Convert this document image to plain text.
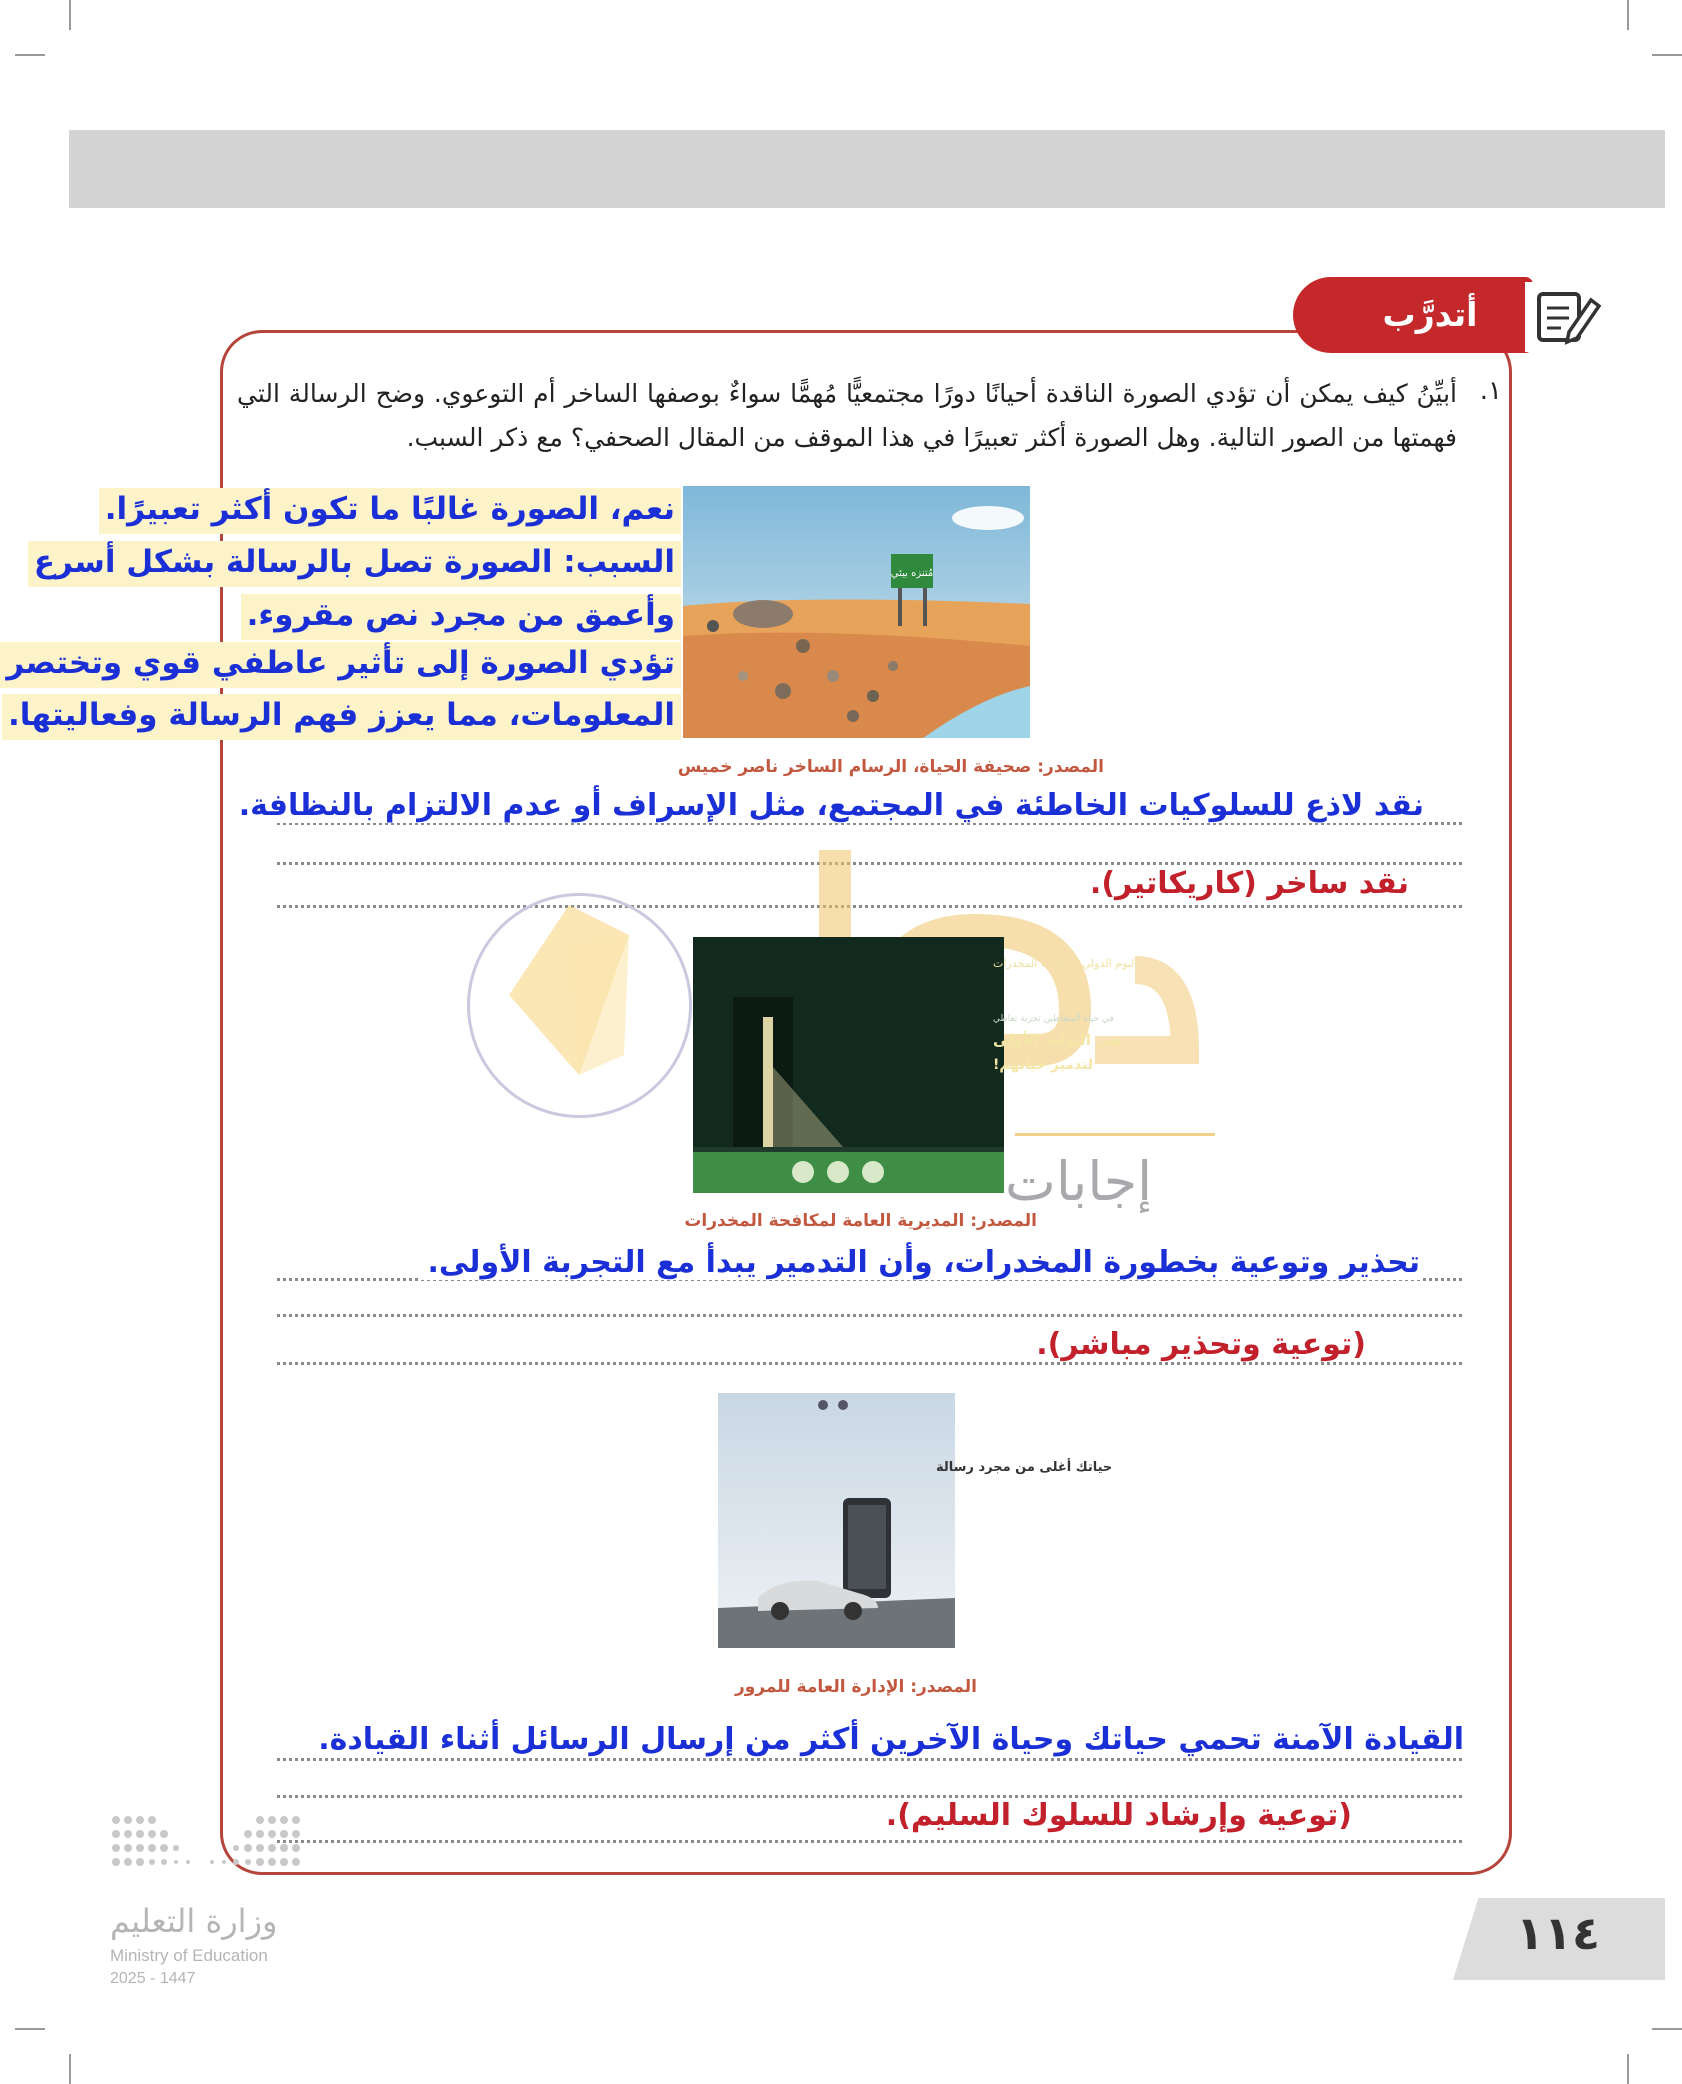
أتدرَّب
١.
أبيِّنُ كيف يمكن أن تؤدي الصورة الناقدة أحيانًا دورًا مجتمعيًّا مُهمًّا سواءٌ بوصفها الساخر أم التوعوي. وضح الرسالة التي فهمتها من الصور التالية. وهل الصورة أكثر تعبيرًا في هذا الموقف من المقال الصحفي؟ مع ذكر السبب.
مُتنزه بيئي
المصدر: صحيفة الحياة، الرسام الساخر ناصر خميس
نعم، الصورة غالبًا ما تكون أكثر تعبيرًا.
السبب: الصورة تصل بالرسالة بشكل أسرع
وأعمق من مجرد نص مقروء.
تؤدي الصورة إلى تأثير عاطفي قوي وتختصر
المعلومات، مما يعزز فهم الرسالة وفعاليتها.
نقد لاذع للسلوكيات الخاطئة في المجتمع، مثل الإسراف أو عدم الالتزام بالنظافة.
نقد ساخر (كاريكاتير).
إجابات
اليوم الدولي لمكافحة المخدرات
في حياة المتعاطين تجربة تعاطي
هي البوابة الأولى
لتدمير حياتهم!
المصدر: المديرية العامة لمكافحة المخدرات
تحذير وتوعية بخطورة المخدرات، وأن التدمير يبدأ مع التجربة الأولى.
(توعية وتحذير مباشر).
حياتك أغلى من مجرد رسالة
المصدر: الإدارة العامة للمرور
القيادة الآمنة تحمي حياتك وحياة الآخرين أكثر من إرسال الرسائل أثناء القيادة.
(توعية وإرشاد للسلوك السليم).
وزارة التعليم
Ministry of Education
2025 - 1447
١١٤
